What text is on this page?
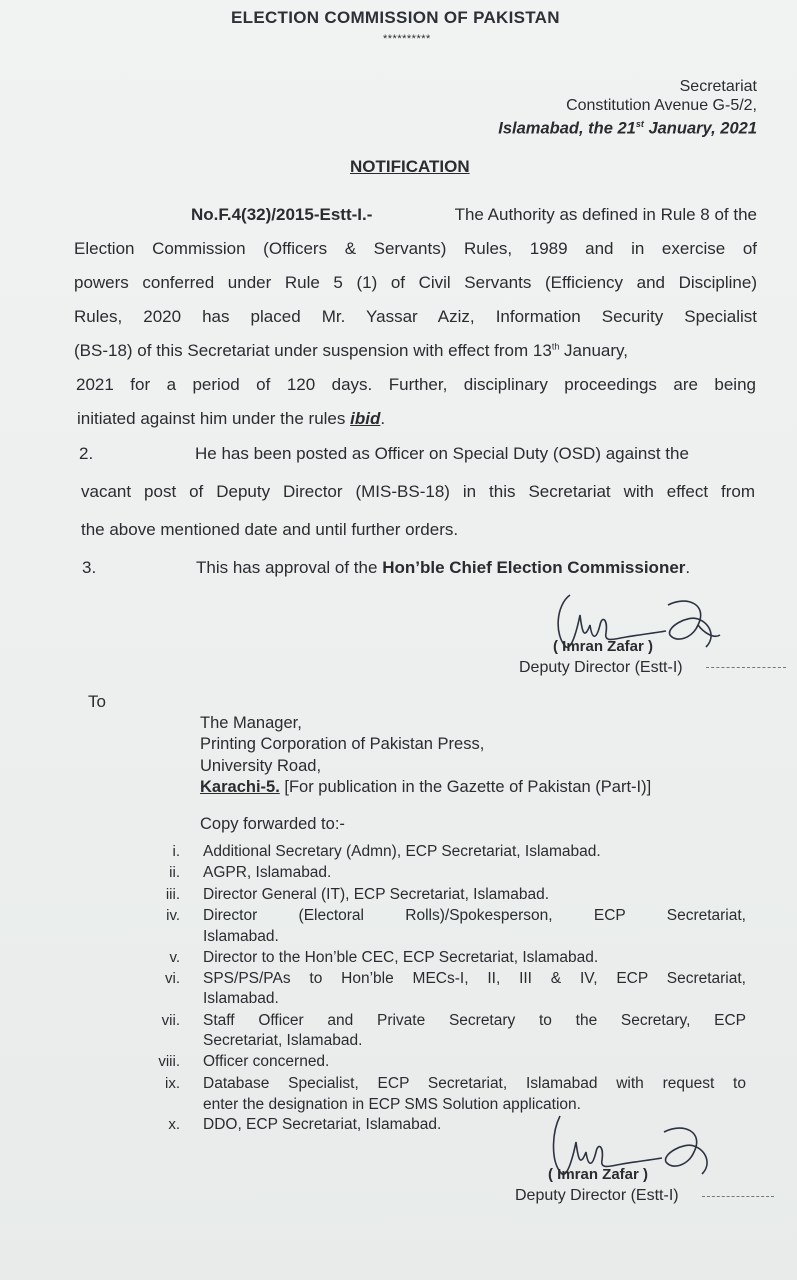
ELECTION COMMISSION OF PAKISTAN
**********
Secretariat
Constitution Avenue G-5/2,
Islamabad, the 21st January, 2021
NOTIFICATION
No.F.4(32)/2015-Estt-I.-	The Authority as defined in Rule 8 of the
Election Commission (Officers & Servants) Rules, 1989 and in exercise of
powers conferred under Rule 5 (1) of Civil Servants (Efficiency and Discipline)
Rules, 2020 has placed Mr. Yassar Aziz, Information Security Specialist
(BS-18) of this Secretariat under suspension with effect from 13th January,
2021 for a period of 120 days. Further, disciplinary proceedings are being
initiated against him under the rules ibid.
2.	He has been posted as Officer on Special Duty (OSD) against the
vacant post of Deputy Director (MIS-BS-18) in this Secretariat with effect from
the above mentioned date and until further orders.
3.	This has approval of the Hon’ble Chief Election Commissioner.
( Imran Zafar )
Deputy Director (Estt-I)
To
The Manager,
Printing Corporation of Pakistan Press,
University Road,
Karachi-5. [For publication in the Gazette of Pakistan (Part-I)]
Copy forwarded to:-
i. Additional Secretary (Admn), ECP Secretariat, Islamabad.
ii. AGPR, Islamabad.
iii. Director General (IT), ECP Secretariat, Islamabad.
iv. Director (Electoral Rolls)/Spokesperson, ECP Secretariat,
Islamabad.
v. Director to the Hon’ble CEC, ECP Secretariat, Islamabad.
vi. SPS/PS/PAs to Hon’ble MECs-I, II, III & IV, ECP Secretariat,
Islamabad.
vii. Staff Officer and Private Secretary to the Secretary, ECP
Secretariat, Islamabad.
viii. Officer concerned.
ix. Database Specialist, ECP Secretariat, Islamabad with request to
enter the designation in ECP SMS Solution application.
x. DDO, ECP Secretariat, Islamabad.
( Imran Zafar )
Deputy Director (Estt-I)
